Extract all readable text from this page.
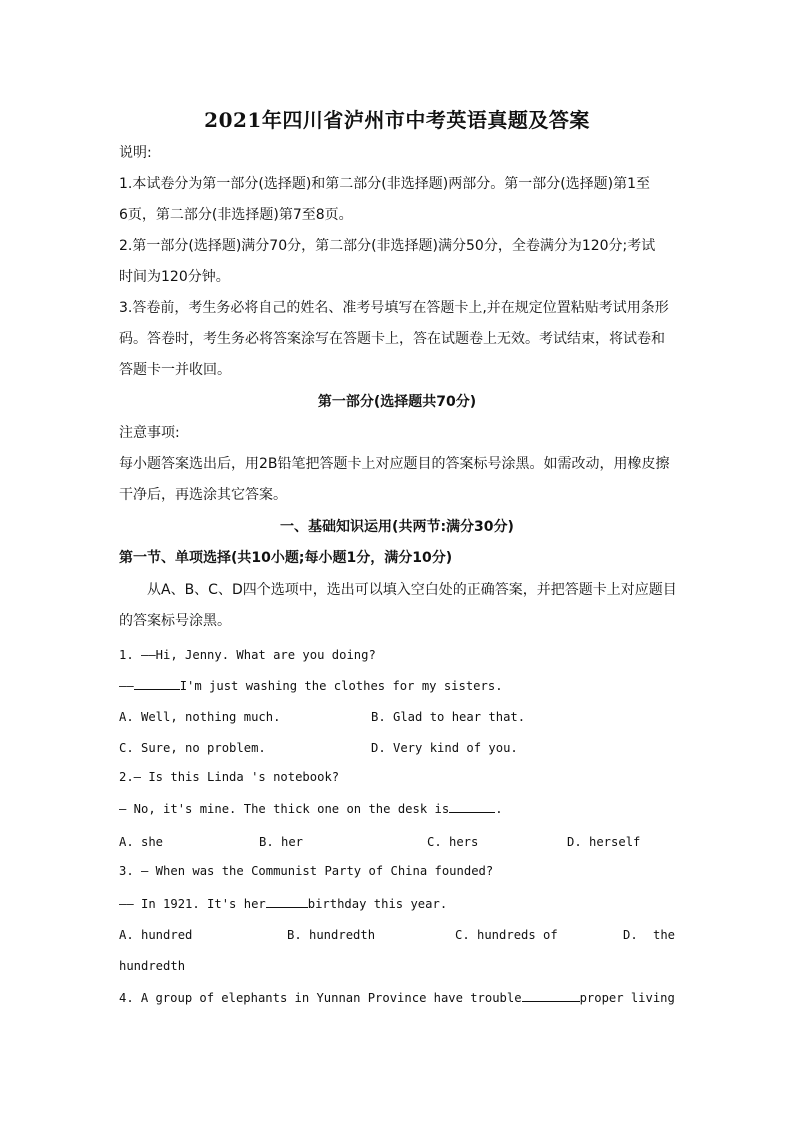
2021年四川省泸州市中考英语真题及答案
说明:
1.本试卷分为第一部分(选择题)和第二部分(非选择题)两部分。第一部分(选择题)第1至
6页，第二部分(非选择题)第7至8页。
2.第一部分(选择题)满分70分，第二部分(非选择题)满分50分，全卷满分为120分;考试
时间为120分钟。
3.答卷前，考生务必将自己的姓名、准考号填写在答题卡上,并在规定位置粘贴考试用条形
码。答卷时，考生务必将答案涂写在答题卡上，答在试题卷上无效。考试结束，将试卷和
答题卡一并收回。
第一部分(选择题共70分)
注意事项:
每小题答案选出后，用2B铅笔把答题卡上对应题目的答案标号涂黑。如需改动，用橡皮擦
干净后，再选涂其它答案。
一、基础知识运用(共两节:满分30分)
第一节、单项选择(共10小题;每小题1分，满分10分)
从A、B、C、D四个选项中，选出可以填入空白处的正确答案，并把答题卡上对应题目
的答案标号涂黑。
1. ——Hi, Jenny. What are you doing?
——	I'm just washing the clothes for my sisters.
A. Well, nothing much.	B. Glad to hear that.
C. Sure, no problem.	D. Very kind of you.
2.— Is this Linda 's notebook?
— No, it's mine. The thick one on the desk is	.
A. she	B. her	C. hers	D. herself
3. — When was the Communist Party of China founded?
—— In 1921. It's her	birthday this year.
A. hundred	B. hundredth	C. hundreds of	D. the
hundredth
4. A group of elephants in Yunnan Province have trouble	proper living
